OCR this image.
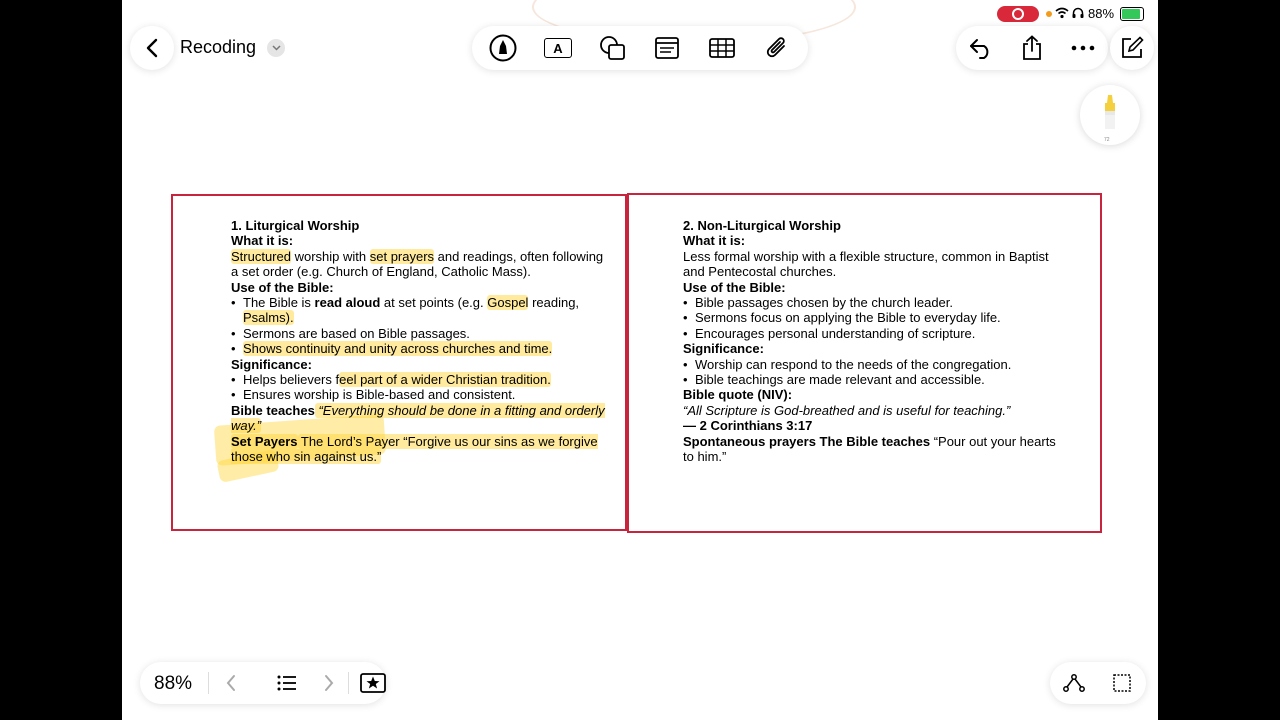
88%
Recoding	A
72

1. Liturgical Worship

What it is:

Structured worship with set prayers and readings, often following a set order (e.g. Church of England, Catholic Mass).

Use of the Bible:

• The Bible is read aloud at set points (e.g. Gospel reading, Psalms).

• Sermons are based on Bible passages.

• Shows continuity and unity across churches and time.

Significance:

• Helps believers feel part of a wider Christian tradition.

• Ensures worship is Bible-based and consistent.

Bible teaches “Everything should be done in a fitting and orderly way.”

Set Payers The Lord’s Payer “Forgive us our sins as we forgive those who sin against us.”

2. Non-Liturgical Worship

What it is:

Less formal worship with a flexible structure, common in Baptist and Pentecostal churches.

Use of the Bible:

• Bible passages chosen by the church leader.

• Sermons focus on applying the Bible to everyday life.

• Encourages personal understanding of scripture.

Significance:

• Worship can respond to the needs of the congregation.

• Bible teachings are made relevant and accessible.

Bible quote (NIV):

“All Scripture is God-breathed and is useful for teaching.”

— 2 Corinthians 3:17

Spontaneous prayers The Bible teaches “Pour out your hearts to him.”

88%
